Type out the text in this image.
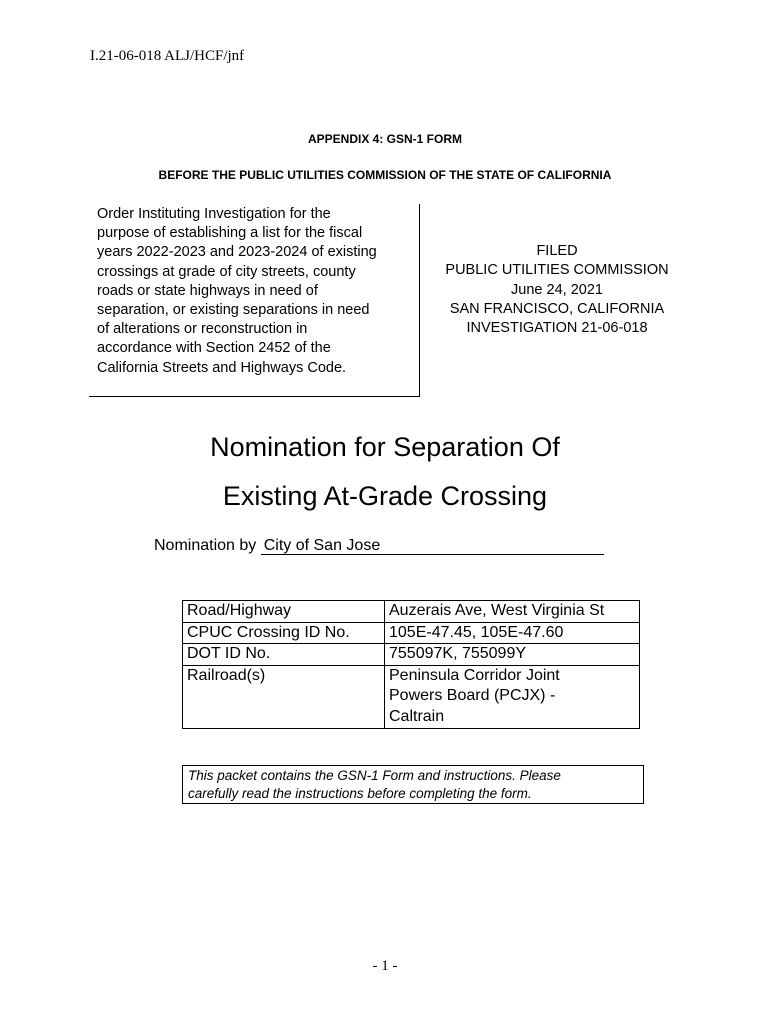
I.21-06-018 ALJ/HCF/jnf
APPENDIX 4: GSN-1 FORM
BEFORE THE PUBLIC UTILITIES COMMISSION OF THE STATE OF CALIFORNIA
Order Instituting Investigation for the
purpose of establishing a list for the fiscal
years 2022-2023 and 2023-2024 of existing
crossings at grade of city streets, county
roads or state highways in need of
separation, or existing separations in need
of alterations or reconstruction in
accordance with Section 2452 of the
California Streets and Highways Code.
FILED
PUBLIC UTILITIES COMMISSION
June 24, 2021
SAN FRANCISCO, CALIFORNIA
INVESTIGATION 21-06-018
Nomination for Separation Of
Existing At-Grade Crossing
Nomination by City of San Jose
Road/Highway	Auzerais Ave, West Virginia St
CPUC Crossing ID No.	105E-47.45, 105E-47.60
DOT ID No.	755097K, 755099Y
Railroad(s)	Peninsula Corridor Joint
Powers Board (PCJX) -
Caltrain
This packet contains the GSN-1 Form and instructions. Please
carefully read the instructions before completing the form.
- 1 -
